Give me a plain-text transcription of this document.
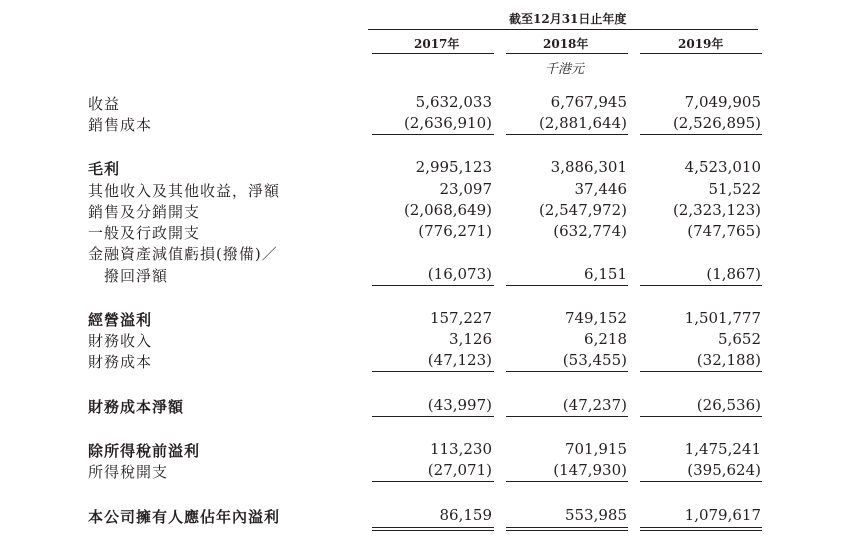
截至12月31日止年度
2017年	2018年	2019年
千港元
收益	5,632,033	6,767,945	7,049,905
銷售成本	(2,636,910)	(2,881,644)	(2,526,895)
毛利	2,995,123	3,886,301	4,523,010
其他收入及其他收益，淨額	23,097	37,446	51,522
銷售及分銷開支	(2,068,649)	(2,547,972)	(2,323,123)
一般及行政開支	(776,271)	(632,774)	(747,765)
金融資產減值虧損(撥備)／
撥回淨額	(16,073)	6,151	(1,867)
經營溢利	157,227	749,152	1,501,777
財務收入	3,126	6,218	5,652
財務成本	(47,123)	(53,455)	(32,188)
財務成本淨額	(43,997)	(47,237)	(26,536)
除所得稅前溢利	113,230	701,915	1,475,241
所得稅開支	(27,071)	(147,930)	(395,624)
本公司擁有人應佔年內溢利	86,159	553,985	1,079,617
